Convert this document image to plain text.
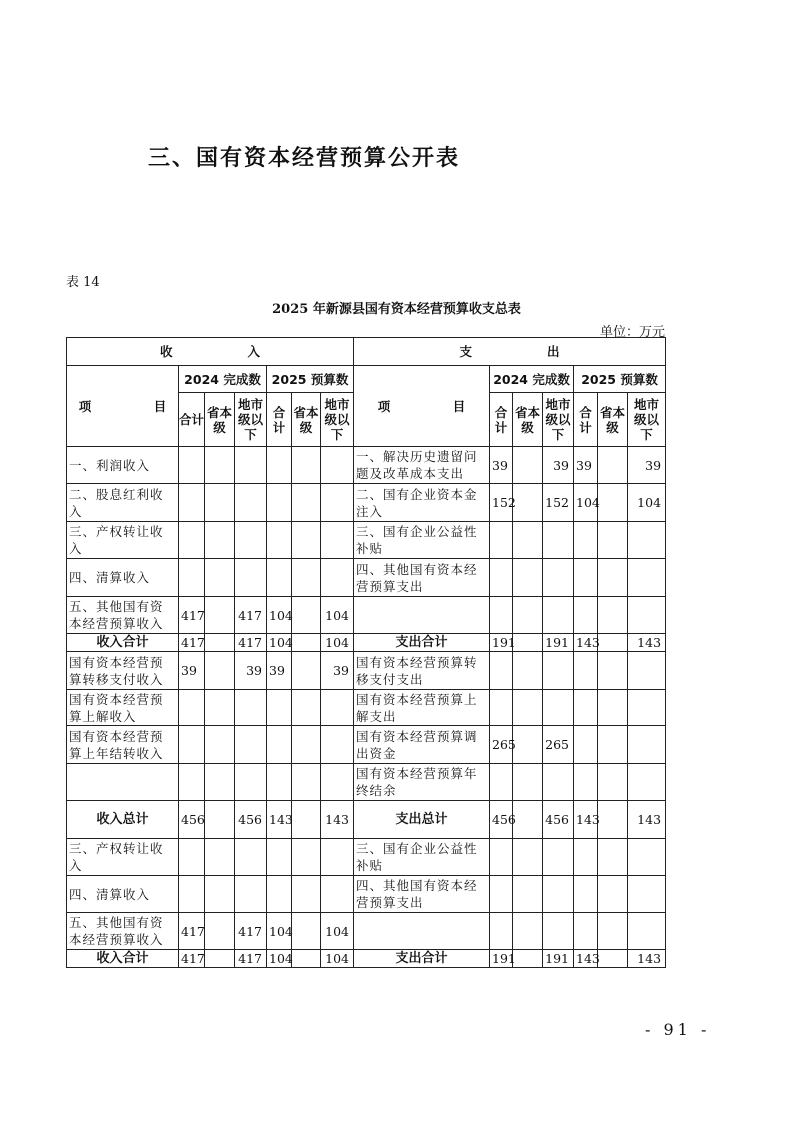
三、国有资本经营预算公开表
表 14
2025 年新源县国有资本经营预算收支总表
单位：万元
收　　　　　　入							支　　　　　　出						
项　　　　　目	2024 完成数			2025 预算数			项　　　　　目	2024 完成数			2025 预算数		
	合计	省本级	地市级以下	合计	省本级	地市级以下		合计	省本级	地市级以下	合计	省本级	地市级以下
一、利润收入							一、解决历史遗留问题及改革成本支出	39		39	39		39
二、股息红利收入							二、国有企业资本金注入	152		152	104		104
三、产权转让收入							三、国有企业公益性补贴						
四、清算收入							四、其他国有资本经营预算支出						
五、其他国有资本经营预算收入	417		417	104		104							
收入合计	417		417	104		104	支出合计	191		191	143		143
国有资本经营预算转移支付收入	39		39	39		39	国有资本经营预算转移支付支出						
国有资本经营预算上解收入							国有资本经营预算上解支出						
国有资本经营预算上年结转收入							国有资本经营预算调出资金	265		265			
							国有资本经营预算年终结余						
收入总计	456		456	143		143	支出总计	456		456	143		143
三、产权转让收入							三、国有企业公益性补贴						
四、清算收入							四、其他国有资本经营预算支出						
五、其他国有资本经营预算收入	417		417	104		104							
收入合计	417		417	104		104	支出合计	191		191	143		143
- 91 -
